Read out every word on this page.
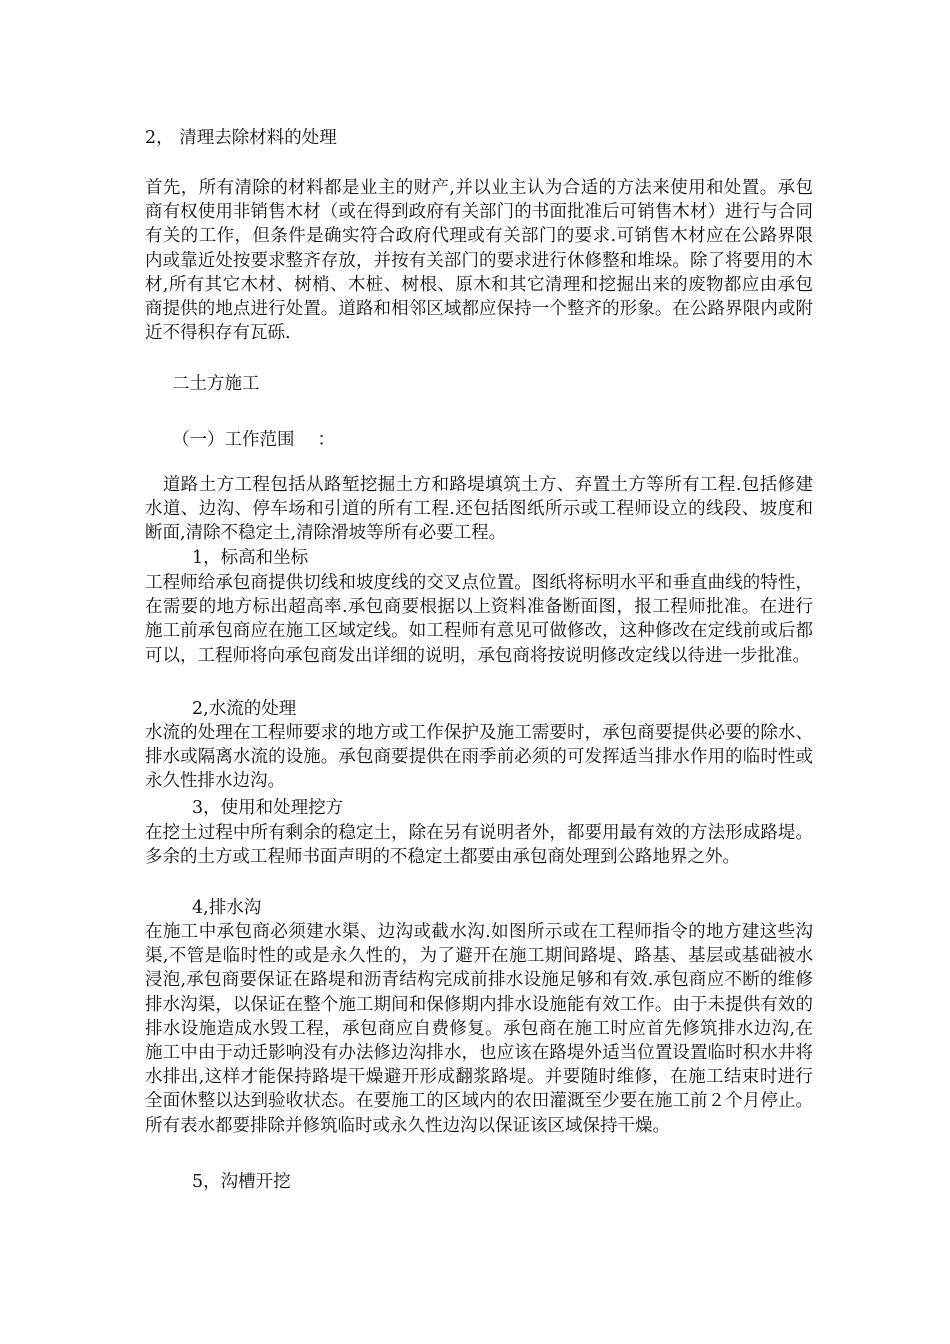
2， 清理去除材料的处理

首先，所有清除的材料都是业主的财产,并以业主认为合适的方法来使用和处置。承包商有权使用非销售木材（或在得到政府有关部门的书面批准后可销售木材）进行与合同有关的工作，但条件是确实符合政府代理或有关部门的要求.可销售木材应在公路界限内或靠近处按要求整齐存放，并按有关部门的要求进行休修整和堆垛。除了将要用的木材,所有其它木材、树梢、木桩、树根、原木和其它清理和挖掘出来的废物都应由承包商提供的地点进行处置。道路和相邻区域都应保持一个整齐的形象。在公路界限内或附近不得积存有瓦砾.

二土方施工
（一）工作范围　 ：

　道路土方工程包括从路堑挖掘土方和路堤填筑土方、弃置土方等所有工程.包括修建水道、边沟、停车场和引道的所有工程.还包括图纸所示或工程师设立的线段、坡度和断面,清除不稳定土,清除滑坡等所有必要工程。

1，标高和坐标

工程师给承包商提供切线和坡度线的交叉点位置。图纸将标明水平和垂直曲线的特性，在需要的地方标出超高率.承包商要根据以上资料准备断面图，报工程师批准。在进行施工前承包商应在施工区域定线。如工程师有意见可做修改，这种修改在定线前或后都可以，工程师将向承包商发出详细的说明，承包商将按说明修改定线以待进一步批准。

2,水流的处理

水流的处理在工程师要求的地方或工作保护及施工需要时，承包商要提供必要的除水、排水或隔离水流的设施。承包商要提供在雨季前必须的可发挥适当排水作用的临时性或永久性排水边沟。

3，使用和处理挖方

在挖土过程中所有剩余的稳定土，除在另有说明者外，都要用最有效的方法形成路堤。多余的土方或工程师书面声明的不稳定土都要由承包商处理到公路地界之外。

4,排水沟

在施工中承包商必须建水渠、边沟或截水沟.如图所示或在工程师指令的地方建这些沟渠,不管是临时性的或是永久性的，为了避开在施工期间路堤、路基、基层或基础被水浸泡,承包商要保证在路堤和沥青结构完成前排水设施足够和有效.承包商应不断的维修排水沟渠，以保证在整个施工期间和保修期内排水设施能有效工作。由于未提供有效的排水设施造成水毁工程，承包商应自费修复。承包商在施工时应首先修筑排水边沟,在施工中由于动迁影响没有办法修边沟排水，也应该在路堤外适当位置设置临时积水井将水排出,这样才能保持路堤干燥避开形成翻浆路堤。并要随时维修，在施工结束时进行全面休整以达到验收状态。在要施工的区域内的农田灌溉至少要在施工前２个月停止。所有表水都要排除并修筑临时或永久性边沟以保证该区域保持干燥。

5，沟槽开挖
